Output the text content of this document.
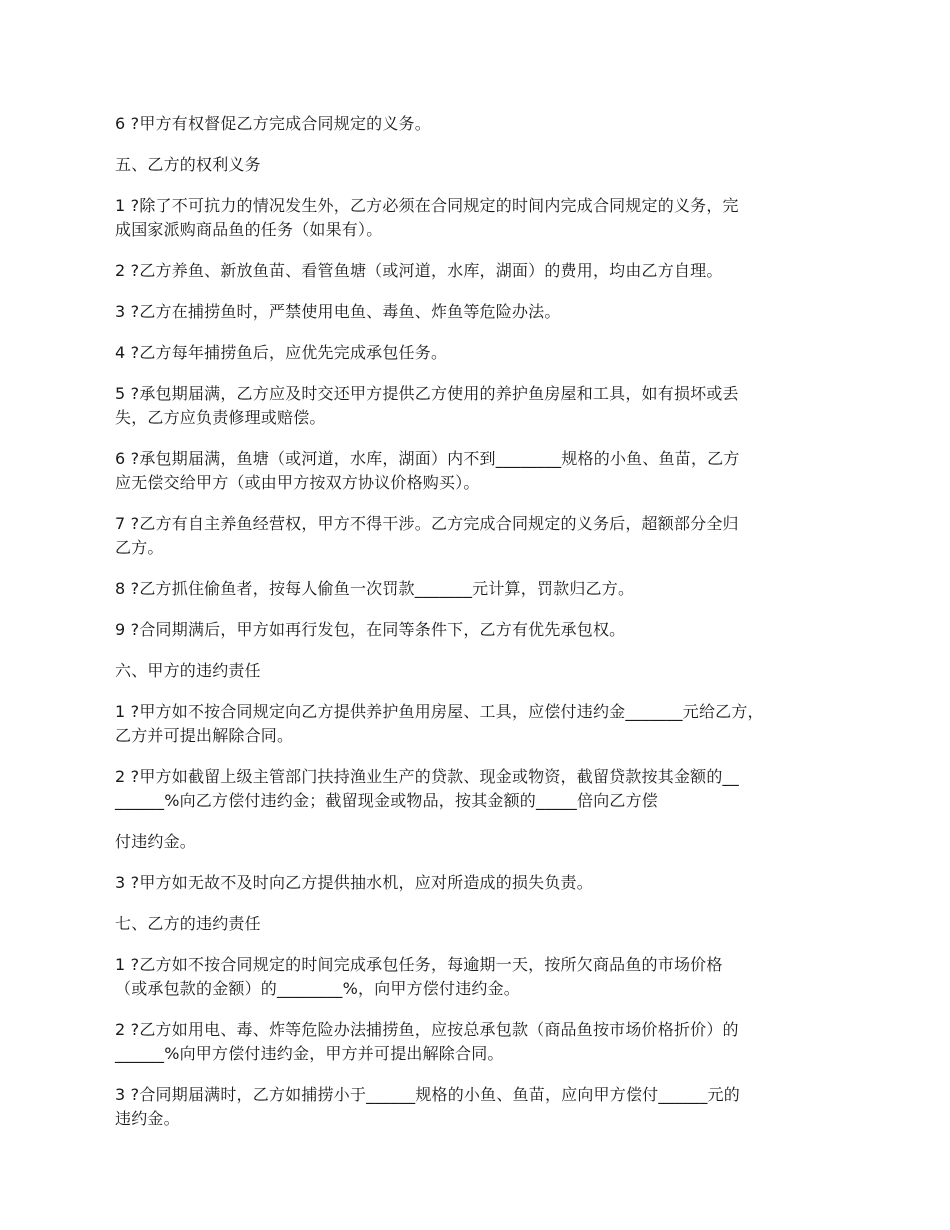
6 ?甲方有权督促乙方完成合同规定的义务。

五、乙方的权利义务

1 ?除了不可抗力的情况发生外，乙方必须在合同规定的时间内完成合同规定的义务，完
成国家派购商品鱼的任务（如果有）。

2 ?乙方养鱼、新放鱼苗、看管鱼塘（或河道，水库，湖面）的费用，均由乙方自理。

3 ?乙方在捕捞鱼时，严禁使用电鱼、毒鱼、炸鱼等危险办法。

4 ?乙方每年捕捞鱼后，应优先完成承包任务。

5 ?承包期届满，乙方应及时交还甲方提供乙方使用的养护鱼房屋和工具，如有损坏或丢
失，乙方应负责修理或赔偿。

6 ?承包期届满，鱼塘（或河道，水库，湖面）内不到________规格的小鱼、鱼苗，乙方
应无偿交给甲方（或由甲方按双方协议价格购买）。

7 ?乙方有自主养鱼经营权，甲方不得干涉。乙方完成合同规定的义务后，超额部分全归
乙方。

8 ?乙方抓住偷鱼者，按每人偷鱼一次罚款_______元计算，罚款归乙方。

9 ?合同期满后，甲方如再行发包，在同等条件下，乙方有优先承包权。

六、甲方的违约责任

1 ?甲方如不按合同规定向乙方提供养护鱼用房屋、工具，应偿付违约金_______元给乙方，
乙方并可提出解除合同。

2 ?甲方如截留上级主管部门扶持渔业生产的贷款、现金或物资，截留贷款按其金额的__
______%向乙方偿付违约金；截留现金或物品，按其金额的_____倍向乙方偿

付违约金。

3 ?甲方如无故不及时向乙方提供抽水机，应对所造成的损失负责。

七、乙方的违约责任

1 ?乙方如不按合同规定的时间完成承包任务，每逾期一天，按所欠商品鱼的市场价格
（或承包款的金额）的________%，向甲方偿付违约金。

2 ?乙方如用电、毒、炸等危险办法捕捞鱼，应按总承包款（商品鱼按市场价格折价）的
______%向甲方偿付违约金，甲方并可提出解除合同。

3 ?合同期届满时，乙方如捕捞小于______规格的小鱼、鱼苗，应向甲方偿付______元的
违约金。
